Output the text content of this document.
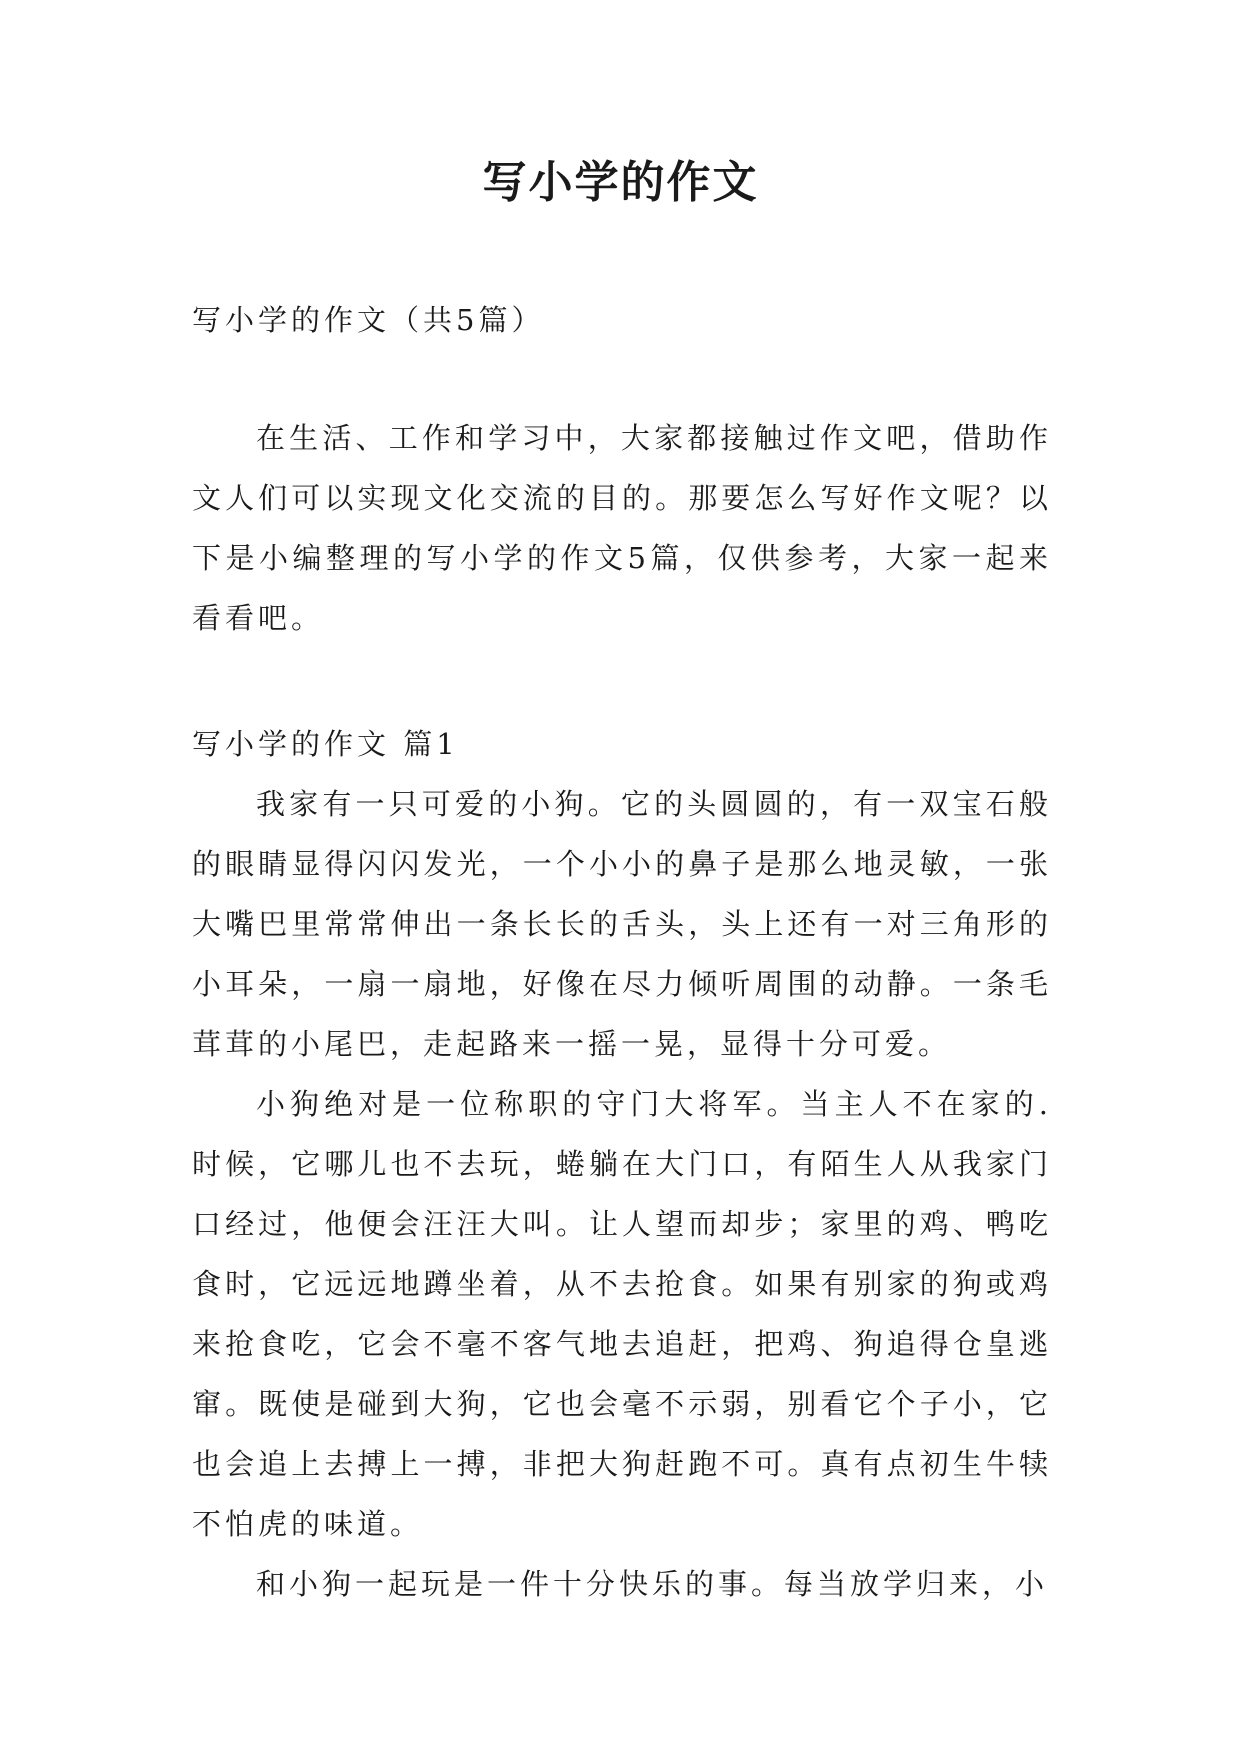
写小学的作文

写小学的作文（共5篇）

在生活、工作和学习中，大家都接触过作文吧，借助作文人们可以实现文化交流的目的。那要怎么写好作文呢？以下是小编整理的写小学的作文5篇，仅供参考，大家一起来看看吧。

写小学的作文 篇1

我家有一只可爱的小狗。它的头圆圆的，有一双宝石般的眼睛显得闪闪发光，一个小小的鼻子是那么地灵敏，一张大嘴巴里常常伸出一条长长的舌头，头上还有一对三角形的小耳朵，一扇一扇地，好像在尽力倾听周围的动静。一条毛茸茸的小尾巴，走起路来一摇一晃，显得十分可爱。

小狗绝对是一位称职的守门大将军。当主人不在家的.时候，它哪儿也不去玩，蜷躺在大门口，有陌生人从我家门口经过，他便会汪汪大叫。让人望而却步；家里的鸡、鸭吃食时，它远远地蹲坐着，从不去抢食。如果有别家的狗或鸡来抢食吃，它会不毫不客气地去追赶，把鸡、狗追得仓皇逃窜。既使是碰到大狗，它也会毫不示弱，别看它个子小，它也会追上去搏上一搏，非把大狗赶跑不可。真有点初生牛犊不怕虎的味道。

和小狗一起玩是一件十分快乐的事。每当放学归来，小
